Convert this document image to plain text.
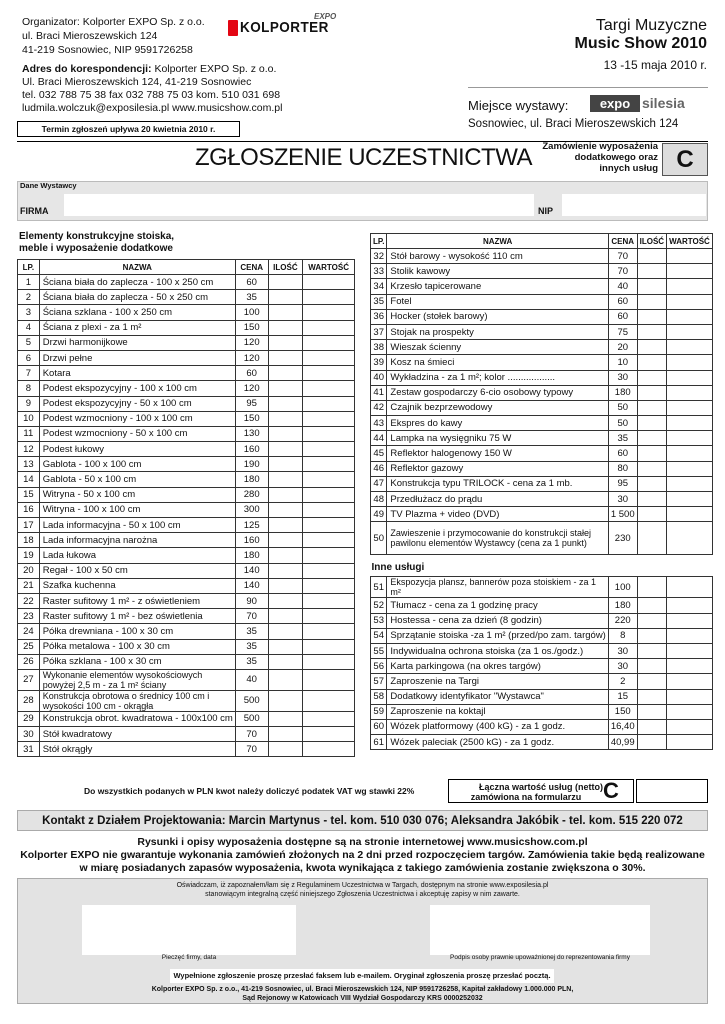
Organizator: Kolporter EXPO Sp. z o.o.
ul. Braci Mieroszewskich 124
41-219 Sosnowiec, NIP 9591726258
KOLPORTER
EXPO
Targi Muzyczne
Music Show 2010
13 -15 maja 2010 r.
Adres do korespondencji: Kolporter EXPO Sp. z o.o.
Ul. Braci Mieroszewskich 124, 41-219 Sosnowiec
tel. 032 788 75 38 fax 032 788 75 03 kom. 510 031 698
ludmila.wolczuk@exposilesia.pl www.musicshow.com.pl	Miejsce wystawy:	expo silesia
Sosnowiec, ul. Braci Mieroszewskich 124
Termin zgłoszeń upływa 20 kwietnia 2010 r.
ZGŁOSZENIE UCZESTNICTWA	Zamówienie wyposażenia
dodatkowego oraz
innych usług C
Dane Wystawcy
FIRMA	NIP
Elementy konstrukcyjne stoiska,
meble i wyposażenie dodatkowe
LP.	NAZWA	CENA	ILOŚĆ	WARTOŚĆ
1	Ściana biała do zaplecza - 100 x 250 cm	60		
2	Ściana biała do zaplecza - 50 x 250 cm	35		
3	Ściana szklana - 100 x 250 cm	100		
4	Ściana z plexi - za 1 m²	150		
5	Drzwi harmonijkowe	120		
6	Drzwi pełne	120		
7	Kotara	60		
8	Podest ekspozycyjny - 100 x 100 cm	120		
9	Podest ekspozycyjny - 50 x 100 cm	95		
10	Podest wzmocniony - 100 x 100 cm	150		
11	Podest wzmocniony - 50 x 100 cm	130		
12	Podest łukowy	160		
13	Gablota - 100 x 100 cm	190		
14	Gablota - 50 x 100 cm	180		
15	Witryna - 50 x 100 cm	280		
16	Witryna - 100 x 100 cm	300		
17	Lada informacyjna - 50 x 100 cm	125		
18	Lada informacyjna narożna	160		
19	Lada łukowa	180		
20	Regał - 100 x 50 cm	140		
21	Szafka kuchenna	140		
22	Raster sufitowy 1 m² - z oświetleniem	90		
23	Raster sufitowy 1 m² - bez oświetlenia	70		
24	Półka drewniana - 100 x 30 cm	35		
25	Półka metalowa - 100 x 30 cm	35		
26	Półka szklana - 100 x 30 cm	35		
27	Wykonanie elementów wysokościowych powyżej 2,5 m - za 1 m² ściany	40		
28	Konstrukcja obrotowa o średnicy 100 cm i wysokości 100 cm - okrągła	500		
29	Konstrukcja obrot. kwadratowa - 100x100 cm	500		
30	Stół kwadratowy	70		
31	Stół okrągły	70		
LP.	NAZWA	CENA	ILOŚĆ	WARTOŚĆ
32	Stół barowy - wysokość 110 cm	70		
33	Stolik kawowy	70		
34	Krzesło tapicerowane	40		
35	Fotel	60		
36	Hocker (stołek barowy)	60		
37	Stojak na prospekty	75		
38	Wieszak ścienny	20		
39	Kosz na śmieci	10		
40	Wykładzina - za 1 m²; kolor ..................	30		
41	Zestaw gospodarczy 6-cio osobowy typowy	180		
42	Czajnik bezprzewodowy	50		
43	Ekspres do kawy	50		
44	Lampka na wysięgniku 75 W	35		
45	Reflektor halogenowy 150 W	60		
46	Reflektor gazowy	80		
47	Konstrukcja typu TRILOCK - cena za 1 mb.	95		
48	Przedłużacz do prądu	30		
49	TV Plazma + video (DVD)	1 500		
50	Zawieszenie i przymocowanie do konstrukcji stałej pawilonu elementów Wystawcy (cena za 1 punkt)	230		
Inne usługi				
51	Ekspozycja plansz, bannerów poza stoiskiem - za 1 m²	100		
52	Tłumacz - cena za 1 godzinę pracy	180		
53	Hostessa - cena za dzień (8 godzin)	220		
54	Sprzątanie stoiska -za 1 m² (przed/po zam. targów)	8		
55	Indywidualna ochrona stoiska (za 1 os./godz.)	30		
56	Karta parkingowa (na okres targów)	30		
57	Zaproszenie na Targi	2		
58	Dodatkowy identyfikator "Wystawca"	15		
59	Zaproszenie na koktajl	150		
60	Wózek platformowy (400 kG) - za 1 godz.	16,40		
61	Wózek paleciak (2500 kG) - za 1 godz.	40,99		
Do wszystkich podanych w PLN kwot należy doliczyć podatek VAT wg stawki 22%	Łączna wartość usług (netto)
zamówiona na formularzu C
Kontakt z Działem Projektowania: Marcin Martynus - tel. kom. 510 030 076; Aleksandra Jakóbik - tel. kom. 515 220 072
Rysunki i opisy wyposażenia dostępne są na stronie internetowej www.musicshow.com.pl
Kolporter EXPO nie gwarantuje wykonania zamówień złożonych na 2 dni przed rozpoczęciem targów. Zamówienia takie będą realizowane
w miarę posiadanych zapasów wyposażenia, kwota wynikająca z takiego zamówienia zostanie zwiększona o 30%.
Oświadczam, iż zapoznałem/łam się z Regulaminem Uczestnictwa w Targach, dostępnym na stronie www.exposilesia.pl
stanowiącym integralną część niniejszego Zgłoszenia Uczestnictwa i akceptuję zapisy w nim zawarte.
Pieczęć firmy, data	Podpis osoby prawnie upoważnionej do reprezentowania firmy
Wypełnione zgłoszenie proszę przesłać faksem lub e-mailem. Oryginał zgłoszenia proszę przesłać pocztą.
Kolporter EXPO Sp. z o.o., 41-219 Sosnowiec, ul. Braci Mieroszewskich 124, NIP 9591726258, Kapitał zakładowy 1.000.000 PLN,
Sąd Rejonowy w Katowicach VIII Wydział Gospodarczy KRS 0000252032
